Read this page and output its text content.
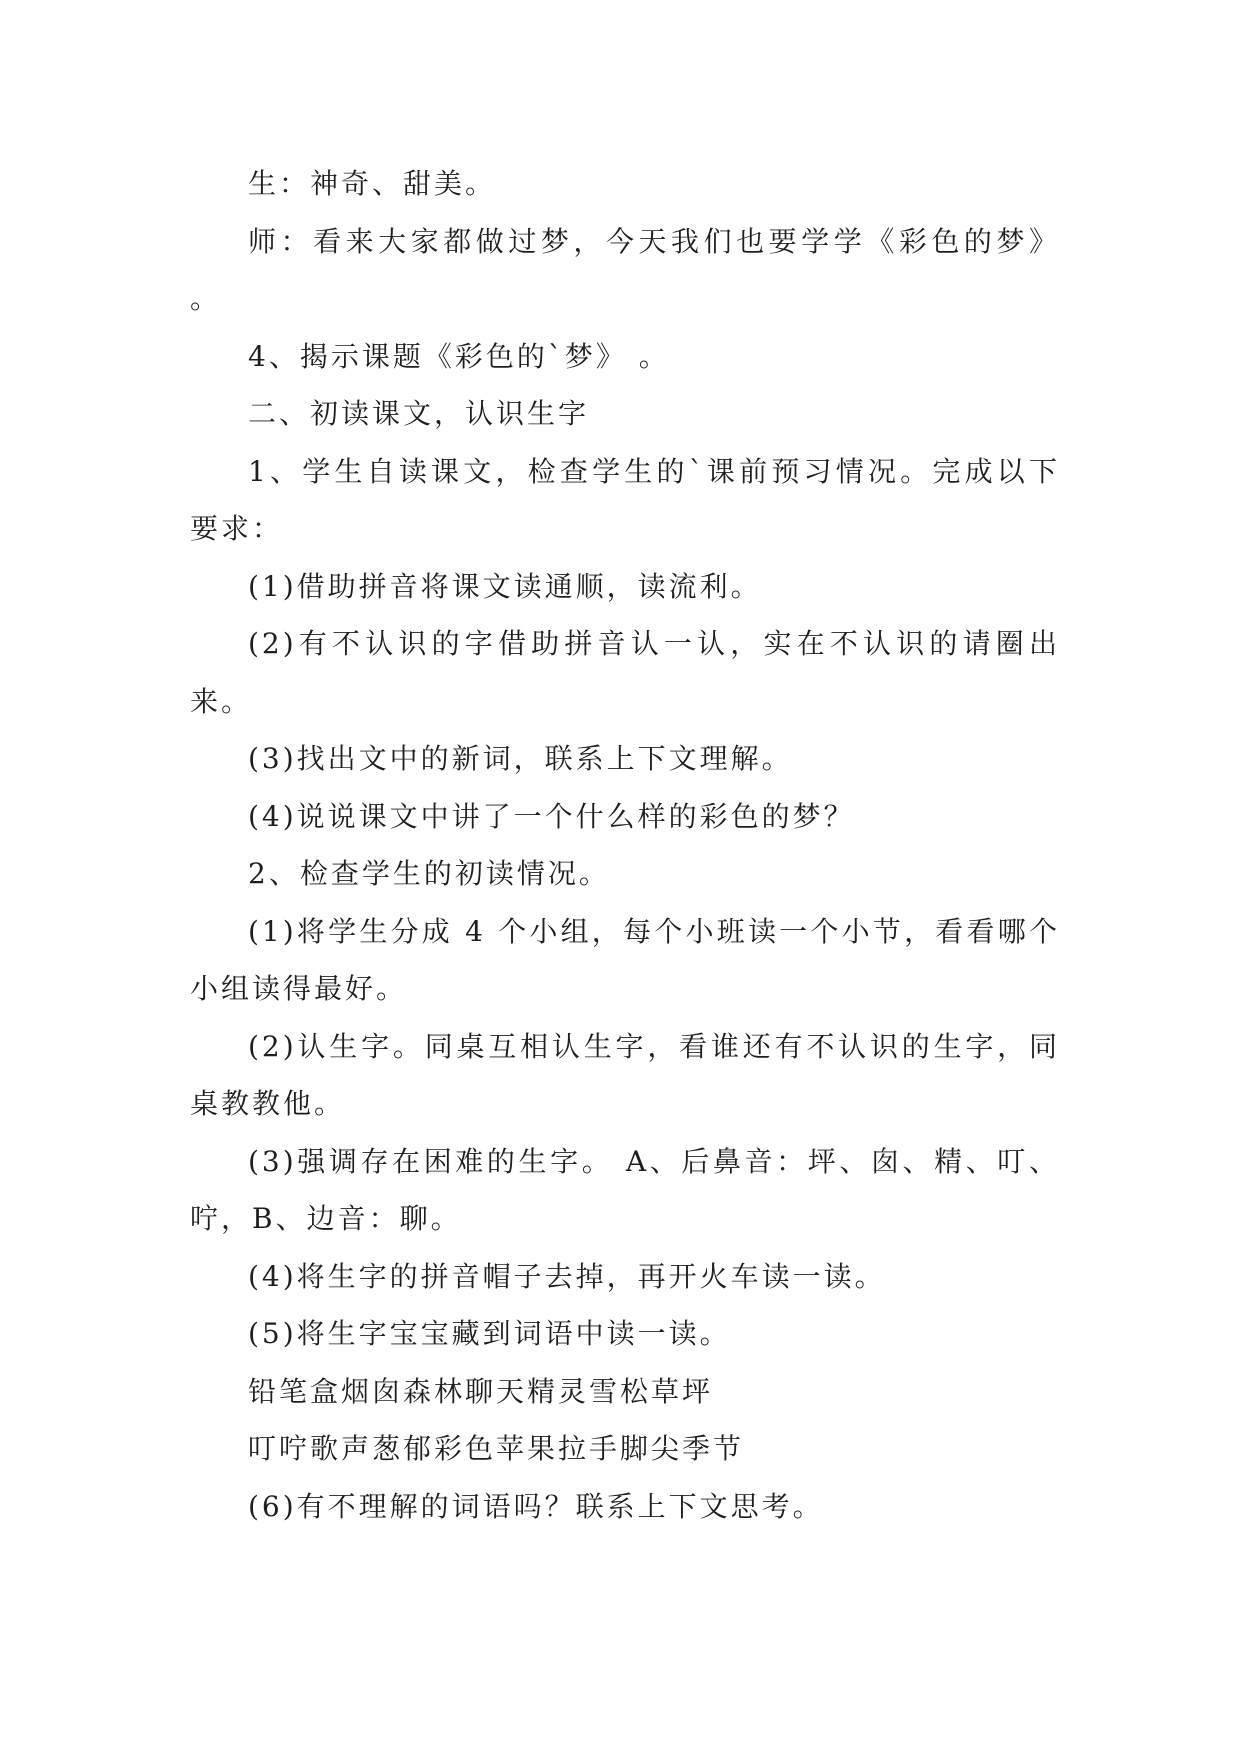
生：神奇、甜美。

师：看来大家都做过梦，今天我们也要学学《彩色的梦》 。

4、揭示课题《彩色的`梦》 。

二、初读课文，认识生字

1、学生自读课文，检查学生的`课前预习情况。完成以下要求：

(1)借助拼音将课文读通顺，读流利。

(2)有不认识的字借助拼音认一认，实在不认识的请圈出来。

(3)找出文中的新词，联系上下文理解。

(4)说说课文中讲了一个什么样的彩色的梦？

2、检查学生的初读情况。

(1)将学生分成 4 个小组，每个小班读一个小节，看看哪个小组读得最好。

(2)认生字。同桌互相认生字，看谁还有不认识的生字，同桌教教他。

(3)强调存在困难的生字。 A、后鼻音：坪、囱、精、叮、咛，B、边音：聊。

(4)将生字的拼音帽子去掉，再开火车读一读。

(5)将生字宝宝藏到词语中读一读。

铅笔盒烟囱森林聊天精灵雪松草坪

叮咛歌声葱郁彩色苹果拉手脚尖季节

(6)有不理解的词语吗？联系上下文思考。
